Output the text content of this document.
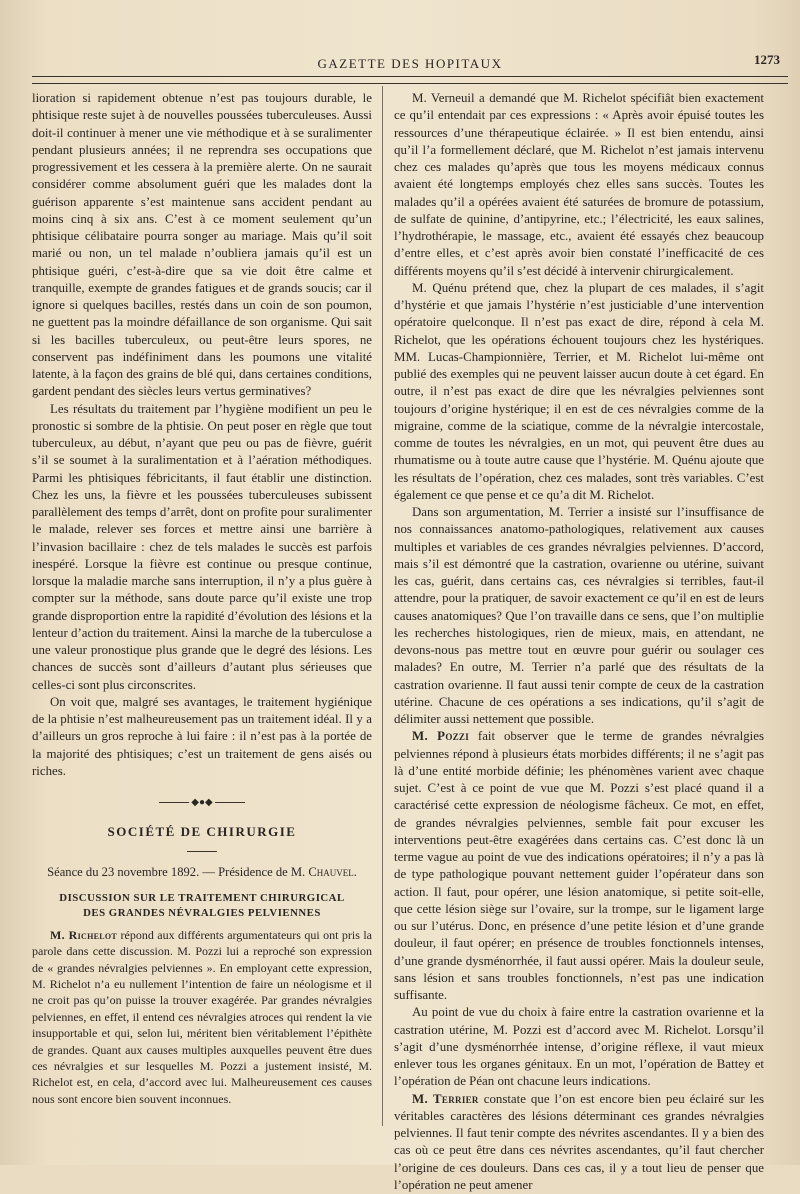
GAZETTE DES HOPITAUX	1273

lioration si rapidement obtenue n’est pas toujours durable, le phtisique reste sujet à de nouvelles poussées tuberculeuses. Aussi doit-il continuer à mener une vie méthodique et à se suralimenter pendant plusieurs années; il ne reprendra ses occupations que progressivement et les cessera à la première alerte. On ne saurait considérer comme absolument guéri que les malades dont la guérison apparente s’est maintenue sans accident pendant au moins cinq à six ans. C’est à ce moment seulement qu’un phtisique célibataire pourra songer au mariage. Mais qu’il soit marié ou non, un tel malade n’oubliera jamais qu’il est un phtisique guéri, c’est-à-dire que sa vie doit être calme et tranquille, exempte de grandes fatigues et de grands soucis; car il ignore si quelques bacilles, restés dans un coin de son poumon, ne guettent pas la moindre défaillance de son organisme. Qui sait si les bacilles tuberculeux, ou peut-être leurs spores, ne conservent pas indéfiniment dans les poumons une vitalité latente, à la façon des grains de blé qui, dans certaines conditions, gardent pendant des siècles leurs vertus germinatives?

Les résultats du traitement par l’hygiène modifient un peu le pronostic si sombre de la phtisie. On peut poser en règle que tout tuberculeux, au début, n’ayant que peu ou pas de fièvre, guérit s’il se soumet à la suralimentation et à l’aération méthodiques. Parmi les phtisiques fébricitants, il faut établir une distinction. Chez les uns, la fièvre et les poussées tuberculeuses subissent parallèlement des temps d’arrêt, dont on profite pour suralimenter le malade, relever ses forces et mettre ainsi une barrière à l’invasion bacillaire : chez de tels malades le succès est parfois inespéré. Lorsque la fièvre est continue ou presque continue, lorsque la maladie marche sans interruption, il n’y a plus guère à compter sur la méthode, sans doute parce qu’il existe une trop grande disproportion entre la rapidité d’évolution des lésions et la lenteur d’action du traitement. Ainsi la marche de la tuberculose a une valeur pronostique plus grande que le degré des lésions. Les chances de succès sont d’ailleurs d’autant plus sérieuses que celles-ci sont plus circonscrites.

On voit que, malgré ses avantages, le traitement hygiénique de la phtisie n’est malheureusement pas un traitement idéal. Il y a d’ailleurs un gros reproche à lui faire : il n’est pas à la portée de la majorité des phtisiques; c’est un traitement de gens aisés ou riches.

◆●◆
SOCIÉTÉ DE CHIRURGIE
Séance du 23 novembre 1892. — Présidence de M. Chauvel.
DISCUSSION SUR LE TRAITEMENT CHIRURGICAL
DES GRANDES NÉVRALGIES PELVIENNES

M. Richelot répond aux différents argumentateurs qui ont pris la parole dans cette discussion. M. Pozzi lui a reproché son expression de « grandes névralgies pelviennes ». En employant cette expression, M. Richelot n’a eu nullement l’intention de faire un néologisme et il ne croit pas qu’on puisse la trouver exagérée. Par grandes névralgies pelviennes, en effet, il entend ces névralgies atroces qui rendent la vie insupportable et qui, selon lui, méritent bien véritablement l’épithète de grandes. Quant aux causes multiples auxquelles peuvent être dues ces névralgies et sur lesquelles M. Pozzi a justement insisté, M. Richelot est, en cela, d’accord avec lui. Malheureusement ces causes nous sont encore bien souvent inconnues.

M. Verneuil a demandé que M. Richelot spécifiât bien exactement ce qu’il entendait par ces expressions : « Après avoir épuisé toutes les ressources d’une thérapeutique éclairée. » Il est bien entendu, ainsi qu’il l’a formellement déclaré, que M. Richelot n’est jamais intervenu chez ces malades qu’après que tous les moyens médicaux connus avaient été longtemps employés chez elles sans succès. Toutes les malades qu’il a opérées avaient été saturées de bromure de potassium, de sulfate de quinine, d’antipyrine, etc.; l’électricité, les eaux salines, l’hydrothérapie, le massage, etc., avaient été essayés chez beaucoup d’entre elles, et c’est après avoir bien constaté l’inefficacité de ces différents moyens qu’il s’est décidé à intervenir chirurgicalement.

M. Quénu prétend que, chez la plupart de ces malades, il s’agit d’hystérie et que jamais l’hystérie n’est justiciable d’une intervention opératoire quelconque. Il n’est pas exact de dire, répond à cela M. Richelot, que les opérations échouent toujours chez les hystériques. MM. Lucas-Championnière, Terrier, et M. Richelot lui-même ont publié des exemples qui ne peuvent laisser aucun doute à cet égard. En outre, il n’est pas exact de dire que les névralgies pelviennes sont toujours d’origine hystérique; il en est de ces névralgies comme de la migraine, comme de la sciatique, comme de la névralgie intercostale, comme de toutes les névralgies, en un mot, qui peuvent être dues au rhumatisme ou à toute autre cause que l’hystérie. M. Quénu ajoute que les résultats de l’opération, chez ces malades, sont très variables. C’est également ce que pense et ce qu’a dit M. Richelot.

Dans son argumentation, M. Terrier a insisté sur l’insuffisance de nos connaissances anatomo-pathologiques, relativement aux causes multiples et variables de ces grandes névralgies pelviennes. D’accord, mais s’il est démontré que la castration, ovarienne ou utérine, suivant les cas, guérit, dans certains cas, ces névralgies si terribles, faut-il attendre, pour la pratiquer, de savoir exactement ce qu’il en est de leurs causes anatomiques? Que l’on travaille dans ce sens, que l’on multiplie les recherches histologiques, rien de mieux, mais, en attendant, ne devons-nous pas mettre tout en œuvre pour guérir ou soulager ces malades? En outre, M. Terrier n’a parlé que des résultats de la castration ovarienne. Il faut aussi tenir compte de ceux de la castration utérine. Chacune de ces opérations a ses indications, qu’il s’agit de délimiter aussi nettement que possible.

M. Pozzi fait observer que le terme de grandes névralgies pelviennes répond à plusieurs états morbides différents; il ne s’agit pas là d’une entité morbide définie; les phénomènes varient avec chaque sujet. C’est à ce point de vue que M. Pozzi s’est placé quand il a caractérisé cette expression de néologisme fâcheux. Ce mot, en effet, de grandes névralgies pelviennes, semble fait pour excuser les interventions peut-être exagérées dans certains cas. C’est donc là un terme vague au point de vue des indications opératoires; il n’y a pas là de type pathologique pouvant nettement guider l’opérateur dans son action. Il faut, pour opérer, une lésion anatomique, si petite soit-elle, que cette lésion siège sur l’ovaire, sur la trompe, sur le ligament large ou sur l’utérus. Donc, en présence d’une petite lésion et d’une grande douleur, il faut opérer; en présence de troubles fonctionnels intenses, d’une grande dysménorrhée, il faut aussi opérer. Mais la douleur seule, sans lésion et sans troubles fonctionnels, n’est pas une indication suffisante.

Au point de vue du choix à faire entre la castration ovarienne et la castration utérine, M. Pozzi est d’accord avec M. Richelot. Lorsqu’il s’agit d’une dysménorrhée intense, d’origine réflexe, il vaut mieux enlever tous les organes génitaux. En un mot, l’opération de Battey et l’opération de Péan ont chacune leurs indications.

M. Terrier constate que l’on est encore bien peu éclairé sur les véritables caractères des lésions déterminant ces grandes névralgies pelviennes. Il faut tenir compte des névrites ascendantes. Il y a bien des cas où ce peut être dans ces névrites ascendantes, qu’il faut chercher l’origine de ces douleurs. Dans ces cas, il y a tout lieu de penser que l’opération ne peut amener
